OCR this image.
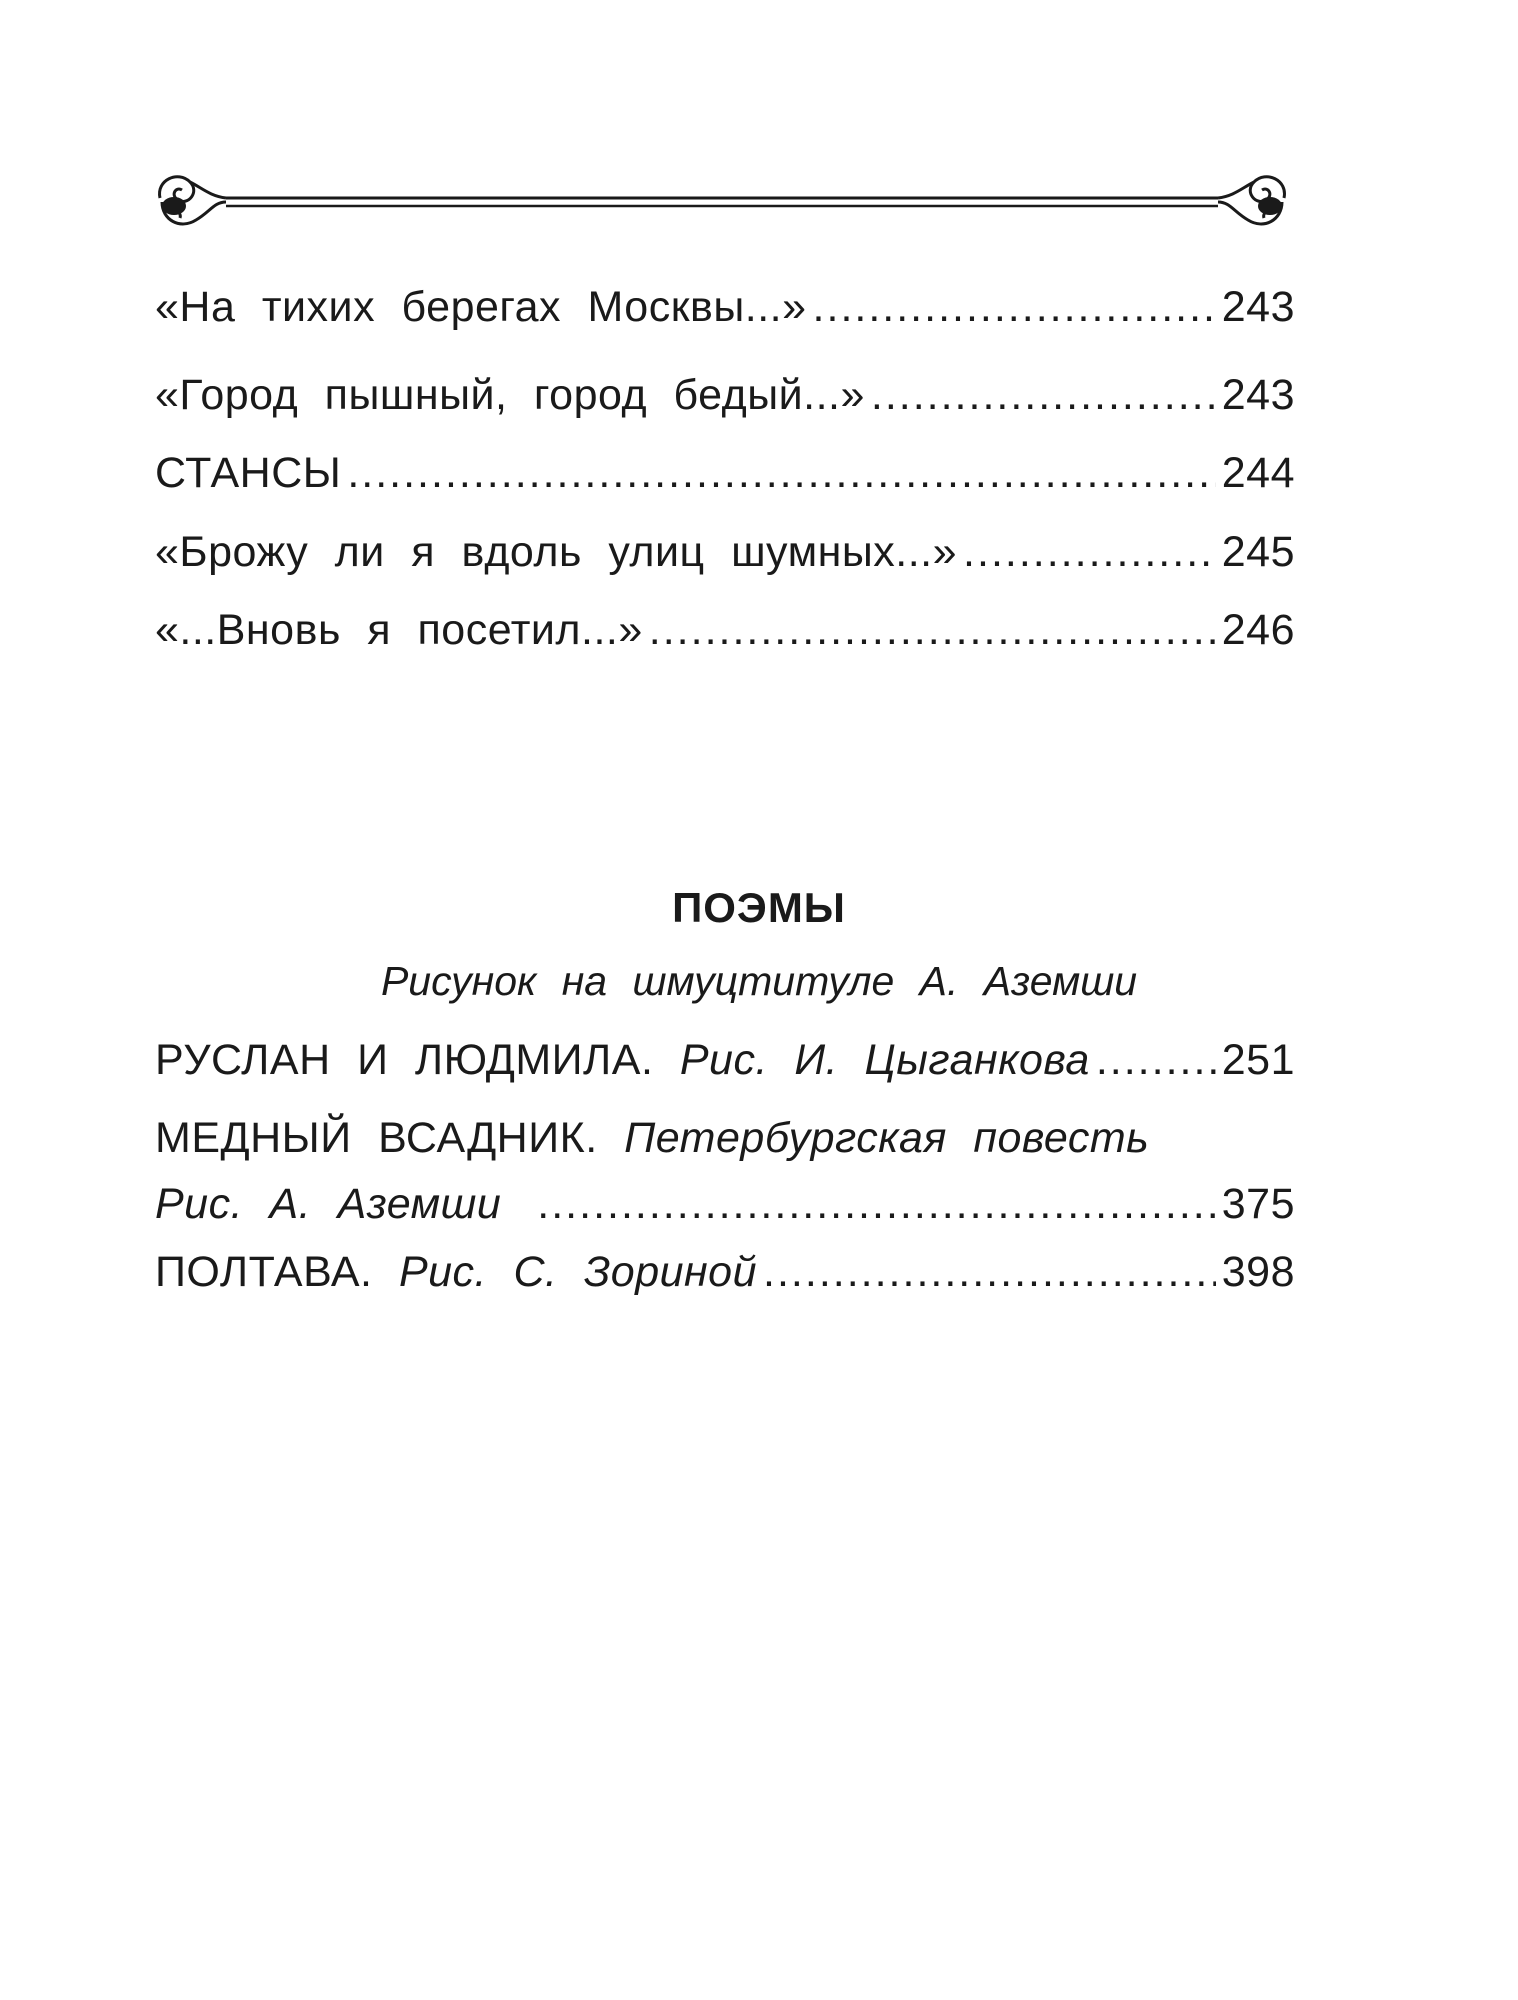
«На тихих берегах Москвы...» .....	243
«Город пышный, город бедый...» .....	243
СТАНСЫ .....	244
«Брожу ли я вдоль улиц шумных...» .....	245
«...Вновь я посетил...» .....	246
ПОЭМЫ
Рисунок на шмуцтитуле А. Аземши
РУСЛАН И ЛЮДМИЛА. Рис. И. Цыганкова .....	251
МЕДНЫЙ ВСАДНИК. Петербургская повесть
Рис. А. Аземши .....	375
ПОЛТАВА. Рис. С. Зориной .....	398
